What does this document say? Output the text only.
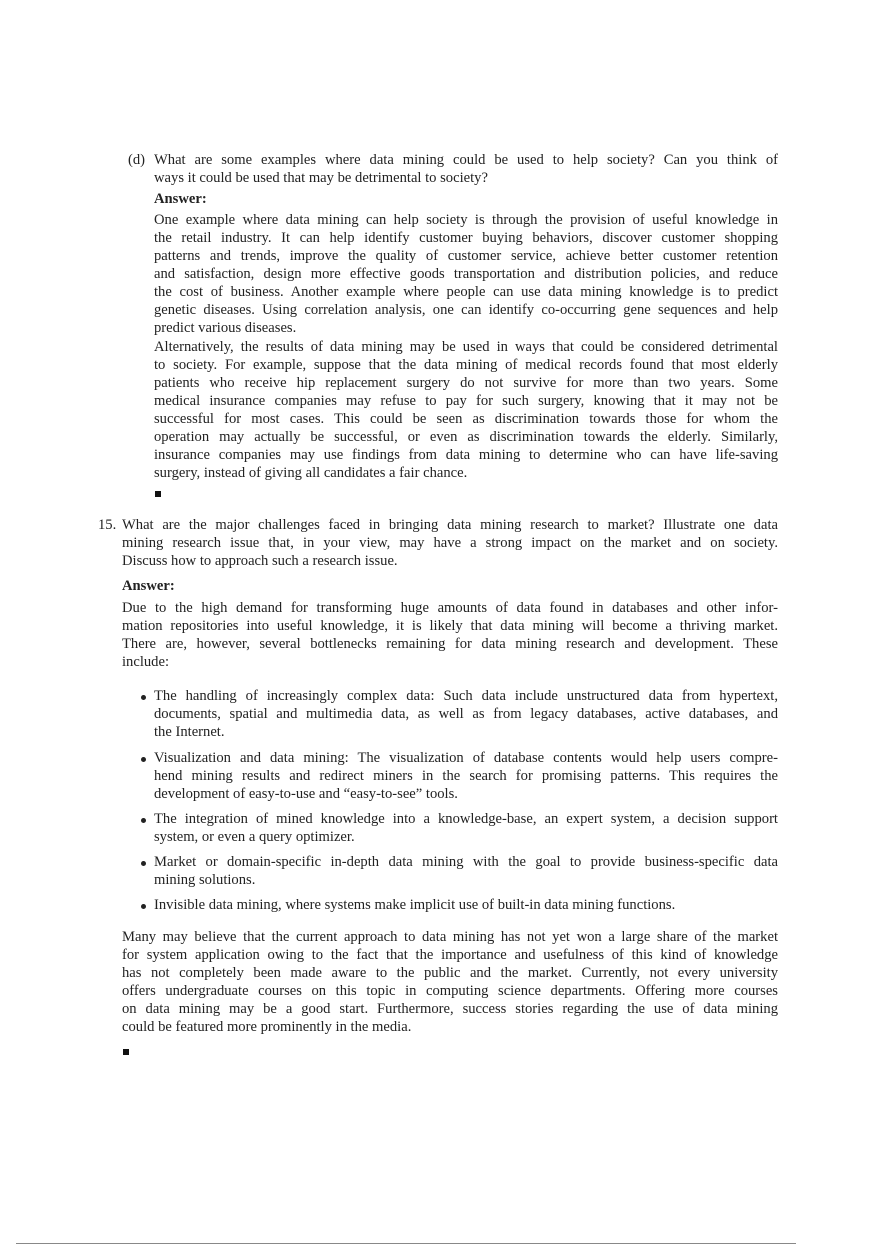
(d) What are some examples where data mining could be used to help society? Can you think of
ways it could be used that may be detrimental to society?
Answer:
One example where data mining can help society is through the provision of useful knowledge in
the retail industry. It can help identify customer buying behaviors, discover customer shopping
patterns and trends, improve the quality of customer service, achieve better customer retention
and satisfaction, design more effective goods transportation and distribution policies, and reduce
the cost of business. Another example where people can use data mining knowledge is to predict
genetic diseases. Using correlation analysis, one can identify co-occurring gene sequences and help
predict various diseases.
Alternatively, the results of data mining may be used in ways that could be considered detrimental
to society. For example, suppose that the data mining of medical records found that most elderly
patients who receive hip replacement surgery do not survive for more than two years. Some
medical insurance companies may refuse to pay for such surgery, knowing that it may not be
successful for most cases. This could be seen as discrimination towards those for whom the
operation may actually be successful, or even as discrimination towards the elderly. Similarly,
insurance companies may use findings from data mining to determine who can have life-saving
surgery, instead of giving all candidates a fair chance.
15. What are the major challenges faced in bringing data mining research to market? Illustrate one data
mining research issue that, in your view, may have a strong impact on the market and on society.
Discuss how to approach such a research issue.
Answer:
Due to the high demand for transforming huge amounts of data found in databases and other infor-
mation repositories into useful knowledge, it is likely that data mining will become a thriving market.
There are, however, several bottlenecks remaining for data mining research and development. These
include:
The handling of increasingly complex data: Such data include unstructured data from hypertext,
documents, spatial and multimedia data, as well as from legacy databases, active databases, and
the Internet.
Visualization and data mining: The visualization of database contents would help users compre-
hend mining results and redirect miners in the search for promising patterns. This requires the
development of easy-to-use and “easy-to-see” tools.
The integration of mined knowledge into a knowledge-base, an expert system, a decision support
system, or even a query optimizer.
Market or domain-specific in-depth data mining with the goal to provide business-specific data
mining solutions.
Invisible data mining, where systems make implicit use of built-in data mining functions.
Many may believe that the current approach to data mining has not yet won a large share of the market
for system application owing to the fact that the importance and usefulness of this kind of knowledge
has not completely been made aware to the public and the market. Currently, not every university
offers undergraduate courses on this topic in computing science departments. Offering more courses
on data mining may be a good start. Furthermore, success stories regarding the use of data mining
could be featured more prominently in the media.
